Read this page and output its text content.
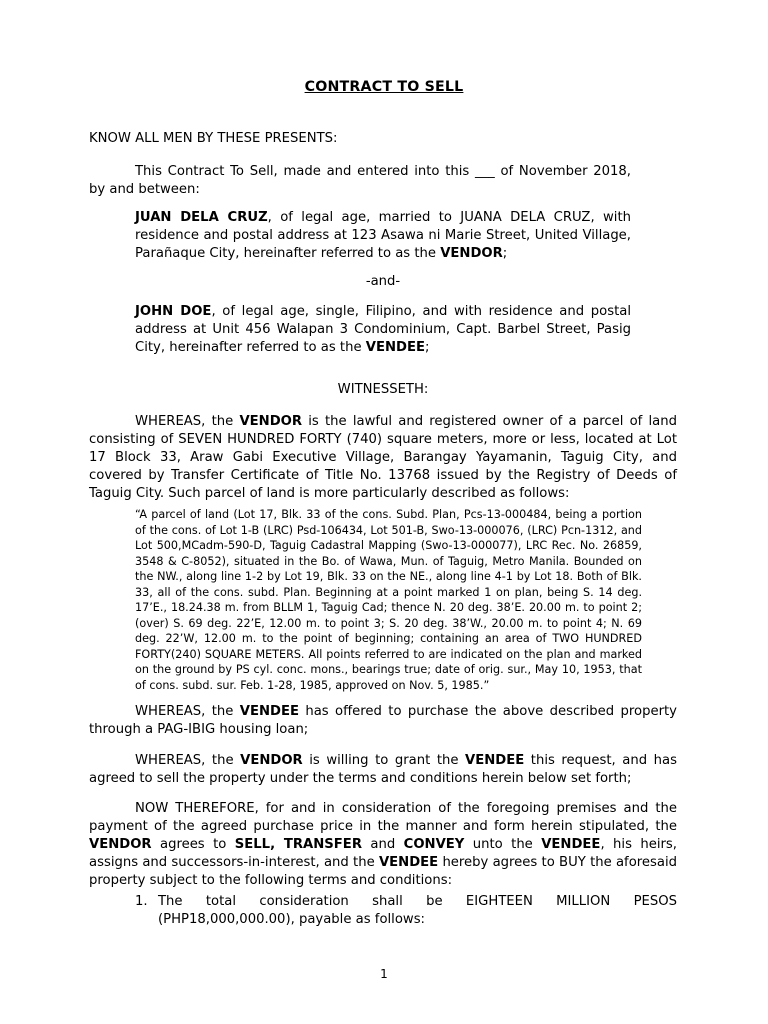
CONTRACT TO SELL
KNOW ALL MEN BY THESE PRESENTS:
This Contract To Sell, made and entered into this ___ of November 2018, by and between:
JUAN DELA CRUZ, of legal age, married to JUANA DELA CRUZ, with residence and postal address at 123 Asawa ni Marie Street, United Village, Parañaque City, hereinafter referred to as the VENDOR;
-and-
JOHN DOE, of legal age, single, Filipino, and with residence and postal address at Unit 456 Walapan 3 Condominium, Capt. Barbel Street, Pasig City, hereinafter referred to as the VENDEE;
WITNESSETH:
WHEREAS, the VENDOR is the lawful and registered owner of a parcel of land consisting of SEVEN HUNDRED FORTY (740) square meters, more or less, located at Lot 17 Block 33, Araw Gabi Executive Village, Barangay Yayamanin, Taguig City, and covered by Transfer Certificate of Title No. 13768 issued by the Registry of Deeds of Taguig City. Such parcel of land is more particularly described as follows:
“A parcel of land (Lot 17, Blk. 33 of the cons. Subd. Plan, Pcs-13-000484, being a portion of the cons. of Lot 1-B (LRC) Psd-106434, Lot 501-B, Swo-13-000076, (LRC) Pcn-1312, and Lot 500,MCadm-590-D, Taguig Cadastral Mapping (Swo-13-000077), LRC Rec. No. 26859, 3548 & C-8052), situated in the Bo. of Wawa, Mun. of Taguig, Metro Manila. Bounded on the NW., along line 1-2 by Lot 19, Blk. 33 on the NE., along line 4-1 by Lot 18. Both of Blk. 33, all of the cons. subd. Plan. Beginning at a point marked 1 on plan, being S. 14 deg. 17’E., 18.24.38 m. from BLLM 1, Taguig Cad; thence N. 20 deg. 38’E. 20.00 m. to point 2; (over) S. 69 deg. 22’E, 12.00 m. to point 3; S. 20 deg. 38’W., 20.00 m. to point 4; N. 69 deg. 22’W, 12.00 m. to the point of beginning; containing an area of TWO HUNDRED FORTY(240) SQUARE METERS. All points referred to are indicated on the plan and marked on the ground by PS cyl. conc. mons., bearings true; date of orig. sur., May 10, 1953, that of cons. subd. sur. Feb. 1-28, 1985, approved on Nov. 5, 1985.”
WHEREAS, the VENDEE has offered to purchase the above described property through a PAG-IBIG housing loan;
WHEREAS, the VENDOR is willing to grant the VENDEE this request, and has agreed to sell the property under the terms and conditions herein below set forth;
NOW THEREFORE, for and in consideration of the foregoing premises and the payment of the agreed purchase price in the manner and form herein stipulated, the VENDOR agrees to SELL, TRANSFER and CONVEY unto the VENDEE, his heirs, assigns and successors-in-interest, and the VENDEE hereby agrees to BUY the aforesaid property subject to the following terms and conditions:
1. The total consideration shall be EIGHTEEN MILLION PESOS
(PHP18,000,000.00), payable as follows:
1
